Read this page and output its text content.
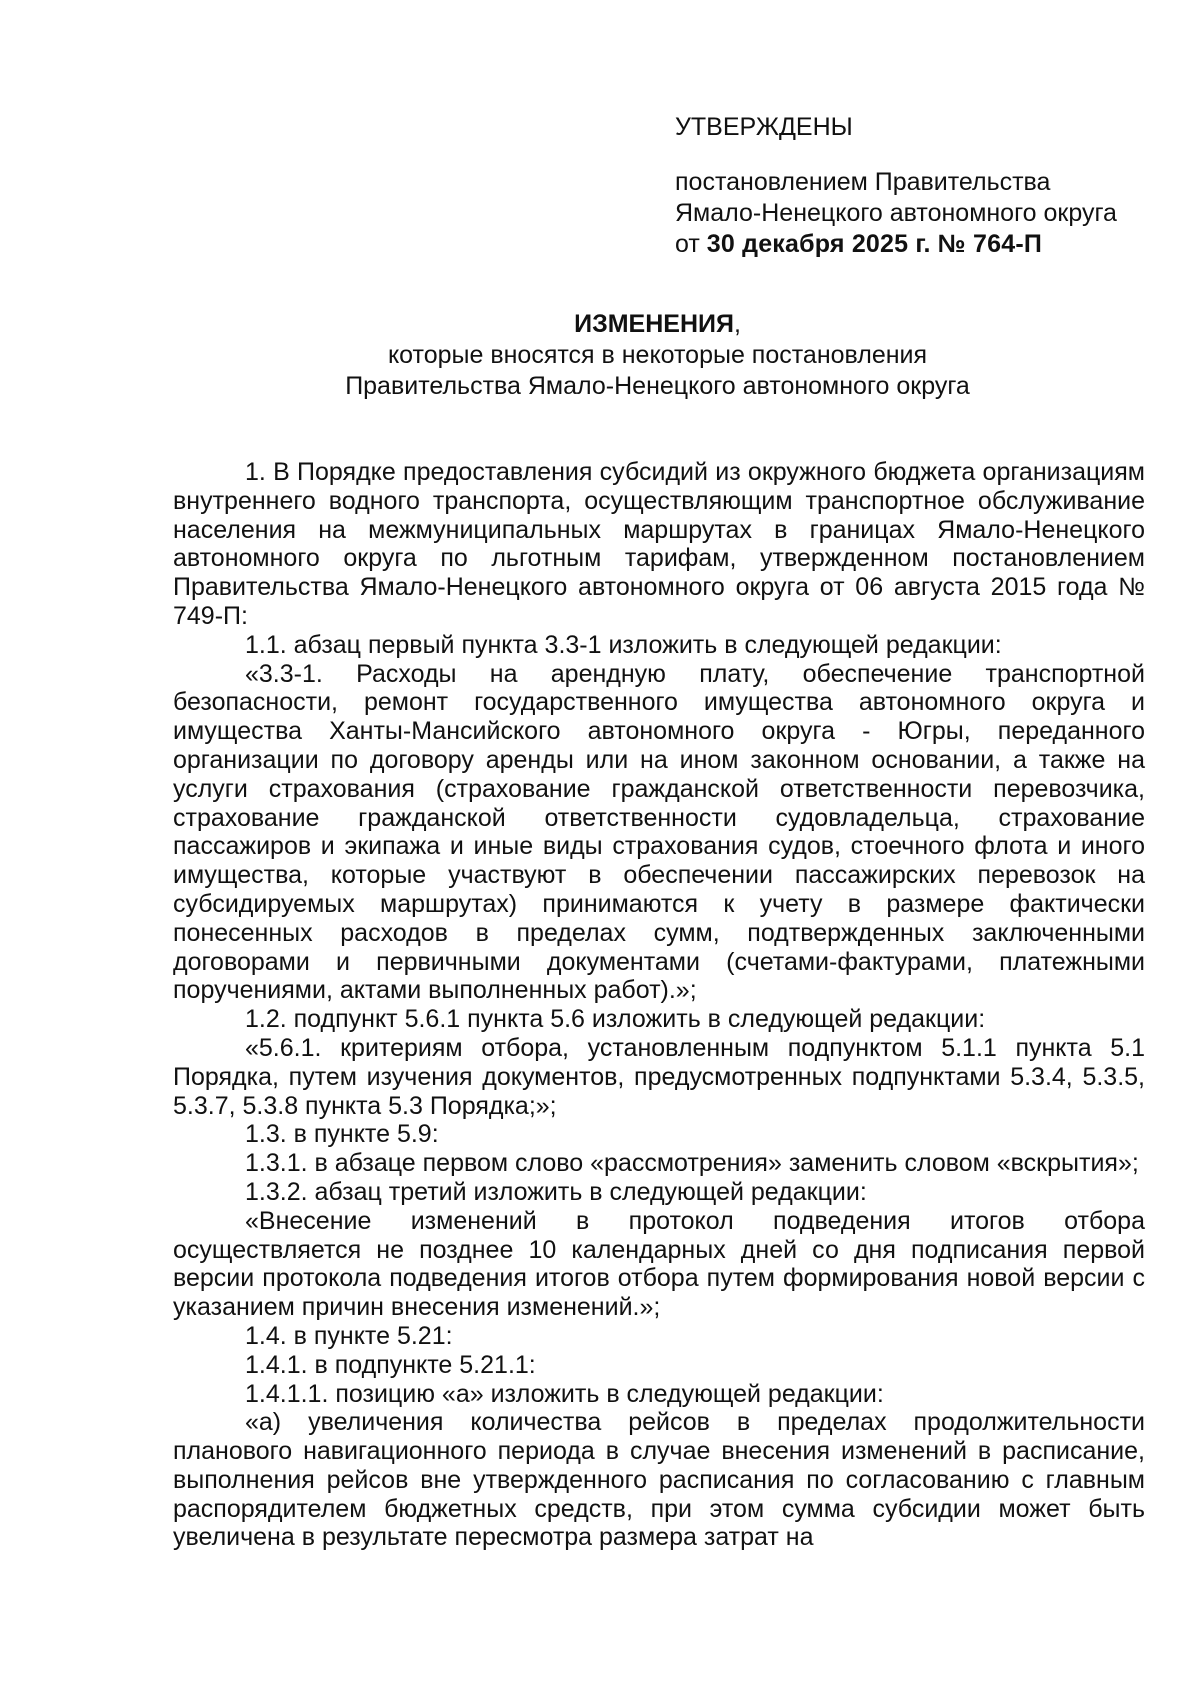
УТВЕРЖДЕНЫ
постановлением Правительства
Ямало-Ненецкого автономного округа
от 30 декабря 2025 г. № 764-П
ИЗМЕНЕНИЯ,
которые вносятся в некоторые постановления
Правительства Ямало-Ненецкого автономного округа

1. В Порядке предоставления субсидий из окружного бюджета организациям внутреннего водного транспорта, осуществляющим транспортное обслуживание населения на межмуниципальных маршрутах в границах Ямало-Ненецкого автономного округа по льготным тарифам, утвержденном постановлением Правительства Ямало-Ненецкого автономного округа от 06 августа 2015 года № 749-П:

1.1. абзац первый пункта 3.3-1 изложить в следующей редакции:

«3.3-1. Расходы на арендную плату, обеспечение транспортной безопасности, ремонт государственного имущества автономного округа и имущества Ханты-Мансийского автономного округа - Югры, переданного организации по договору аренды или на ином законном основании, а также на услуги страхования (страхование гражданской ответственности перевозчика, страхование гражданской ответственности судовладельца, страхование пассажиров и экипажа и иные виды страхования судов, стоечного флота и иного имущества, которые участвуют в обеспечении пассажирских перевозок на субсидируемых маршрутах) принимаются к учету в размере фактически понесенных расходов в пределах сумм, подтвержденных заключенными договорами и первичными документами (счетами-фактурами, платежными поручениями, актами выполненных работ).»;

1.2. подпункт 5.6.1 пункта 5.6 изложить в следующей редакции:

«5.6.1. критериям отбора, установленным подпунктом 5.1.1 пункта 5.1 Порядка, путем изучения документов, предусмотренных подпунктами 5.3.4, 5.3.5, 5.3.7, 5.3.8 пункта 5.3 Порядка;»;

1.3. в пункте 5.9:

1.3.1. в абзаце первом слово «рассмотрения» заменить словом «вскрытия»;

1.3.2. абзац третий изложить в следующей редакции:

«Внесение изменений в протокол подведения итогов отбора осуществляется не позднее 10 календарных дней со дня подписания первой версии протокола подведения итогов отбора путем формирования новой версии с указанием причин внесения изменений.»;

1.4. в пункте 5.21:

1.4.1. в подпункте 5.21.1:

1.4.1.1. позицию «а» изложить в следующей редакции:

«а) увеличения количества рейсов в пределах продолжительности планового навигационного периода в случае внесения изменений в расписание, выполнения рейсов вне утвержденного расписания по согласованию с главным распорядителем бюджетных средств, при этом сумма субсидии может быть увеличена в результате пересмотра размера затрат на
